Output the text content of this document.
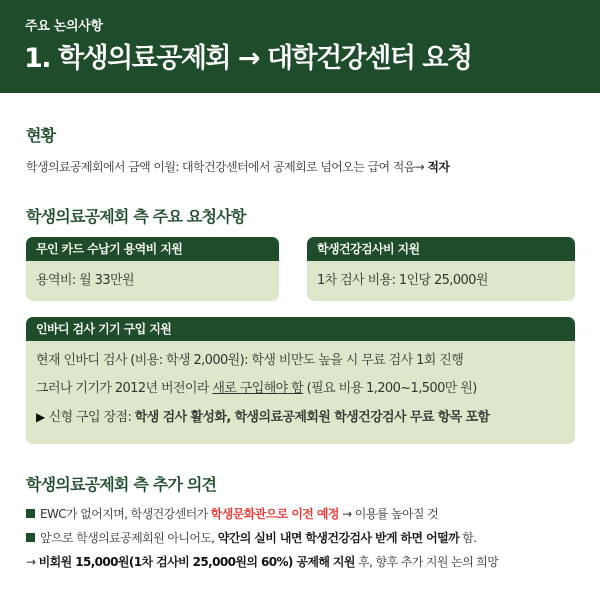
주요 논의사항
1. 학생의료공제회 → 대학건강센터 요청
현황
학생의료공제회에서 금액 이월: 대학건강센터에서 공제회로 넘어오는 급여 적음→ 적자
학생의료공제회 측 주요 요청사항
무인 카드 수납기 용역비 지원
용역비: 월 33만원
학생건강검사비 지원
1차 검사 비용: 1인당 25,000원
인바디 검사 기기 구입 지원
현재 인바디 검사 (비용: 학생 2,000원): 학생 비만도 높을 시 무료 검사 1회 진행
그러나 기기가 2012년 버전이라 새로 구입해야 함 (필요 비용 1,200~1,500만 원)
▶ 신형 구입 장점: 학생 검사 활성화, 학생의료공제회원 학생건강검사 무료 항목 포함
학생의료공제회 측 추가 의견
EWC가 없어지며, 학생건강센터가 학생문화관으로 이전 예정 → 이용률 높아질 것
앞으로 학생의료공제회원 아니어도, 약간의 실비 내면 학생건강검사 받게 하면 어떨까 함.
→ 비회원 15,000원(1차 검사비 25,000원의 60%) 공제해 지원 후, 향후 추가 지원 논의 희망
